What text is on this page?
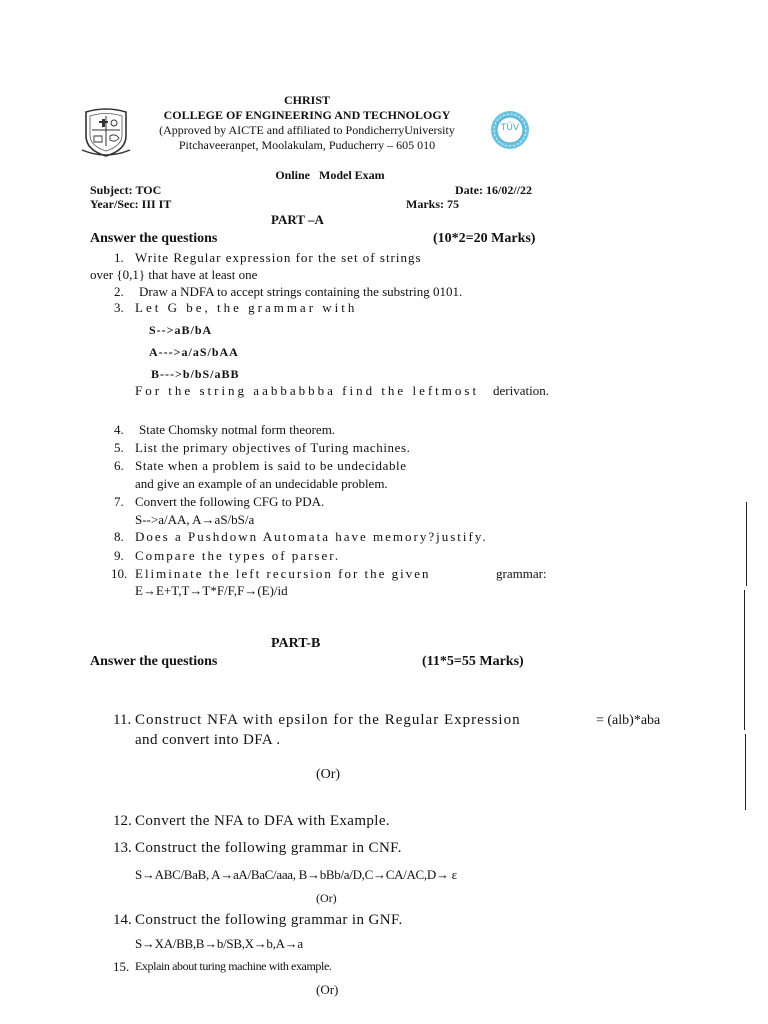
CHRIST
COLLEGE OF ENGINEERING AND TECHNOLOGY
(Approved by AICTE and affiliated to PondicherryUniversity
Pitchaveeranpet, Moolakulam, Puducherry – 605 010
TÜV
Online   Model Exam
Subject: TOC	Date: 16/02//22
Year/Sec: III IT	Marks: 75
PART –A
Answer the questions	(10*2=20 Marks)
1. Write Regular expression for the set of strings
over {0,1} that have at least one
2. Draw a NDFA to accept strings containing the substring 0101.
3. Let G be, the grammar with
S-->aB/bA
A--->a/aS/bAA
B--->b/bS/aBB
For the string aabbabbba find the leftmost derivation.
4. State Chomsky notmal form theorem.
5. List the primary objectives of Turing machines.
6. State when a problem is said to be undecidable
and give an example of an undecidable problem.
7. Convert the following CFG to PDA.
S-->a/AA, A→aS/bS/a
8. Does a Pushdown Automata have memory?justify.
9. Compare the types of parser.
10. Eliminate the left recursion for the given	grammar:
E→E+T,T→T*F/F,F→(E)/id
PART-B
Answer the questions	(11*5=55 Marks)
11. Construct NFA with epsilon for the Regular Expression	= (alb)*aba
and convert into DFA .
(Or)
12. Convert the NFA to DFA with Example.
13. Construct the following grammar in CNF.
S→ABC/BaB, A→aA/BaC/aaa, B→bBb/a/D,C→CA/AC,D→ ε
(Or)
14. Construct the following grammar in GNF.
S→XA/BB,B→b/SB,X→b,A→a
15. Explain about turing machine with example.
(Or)
